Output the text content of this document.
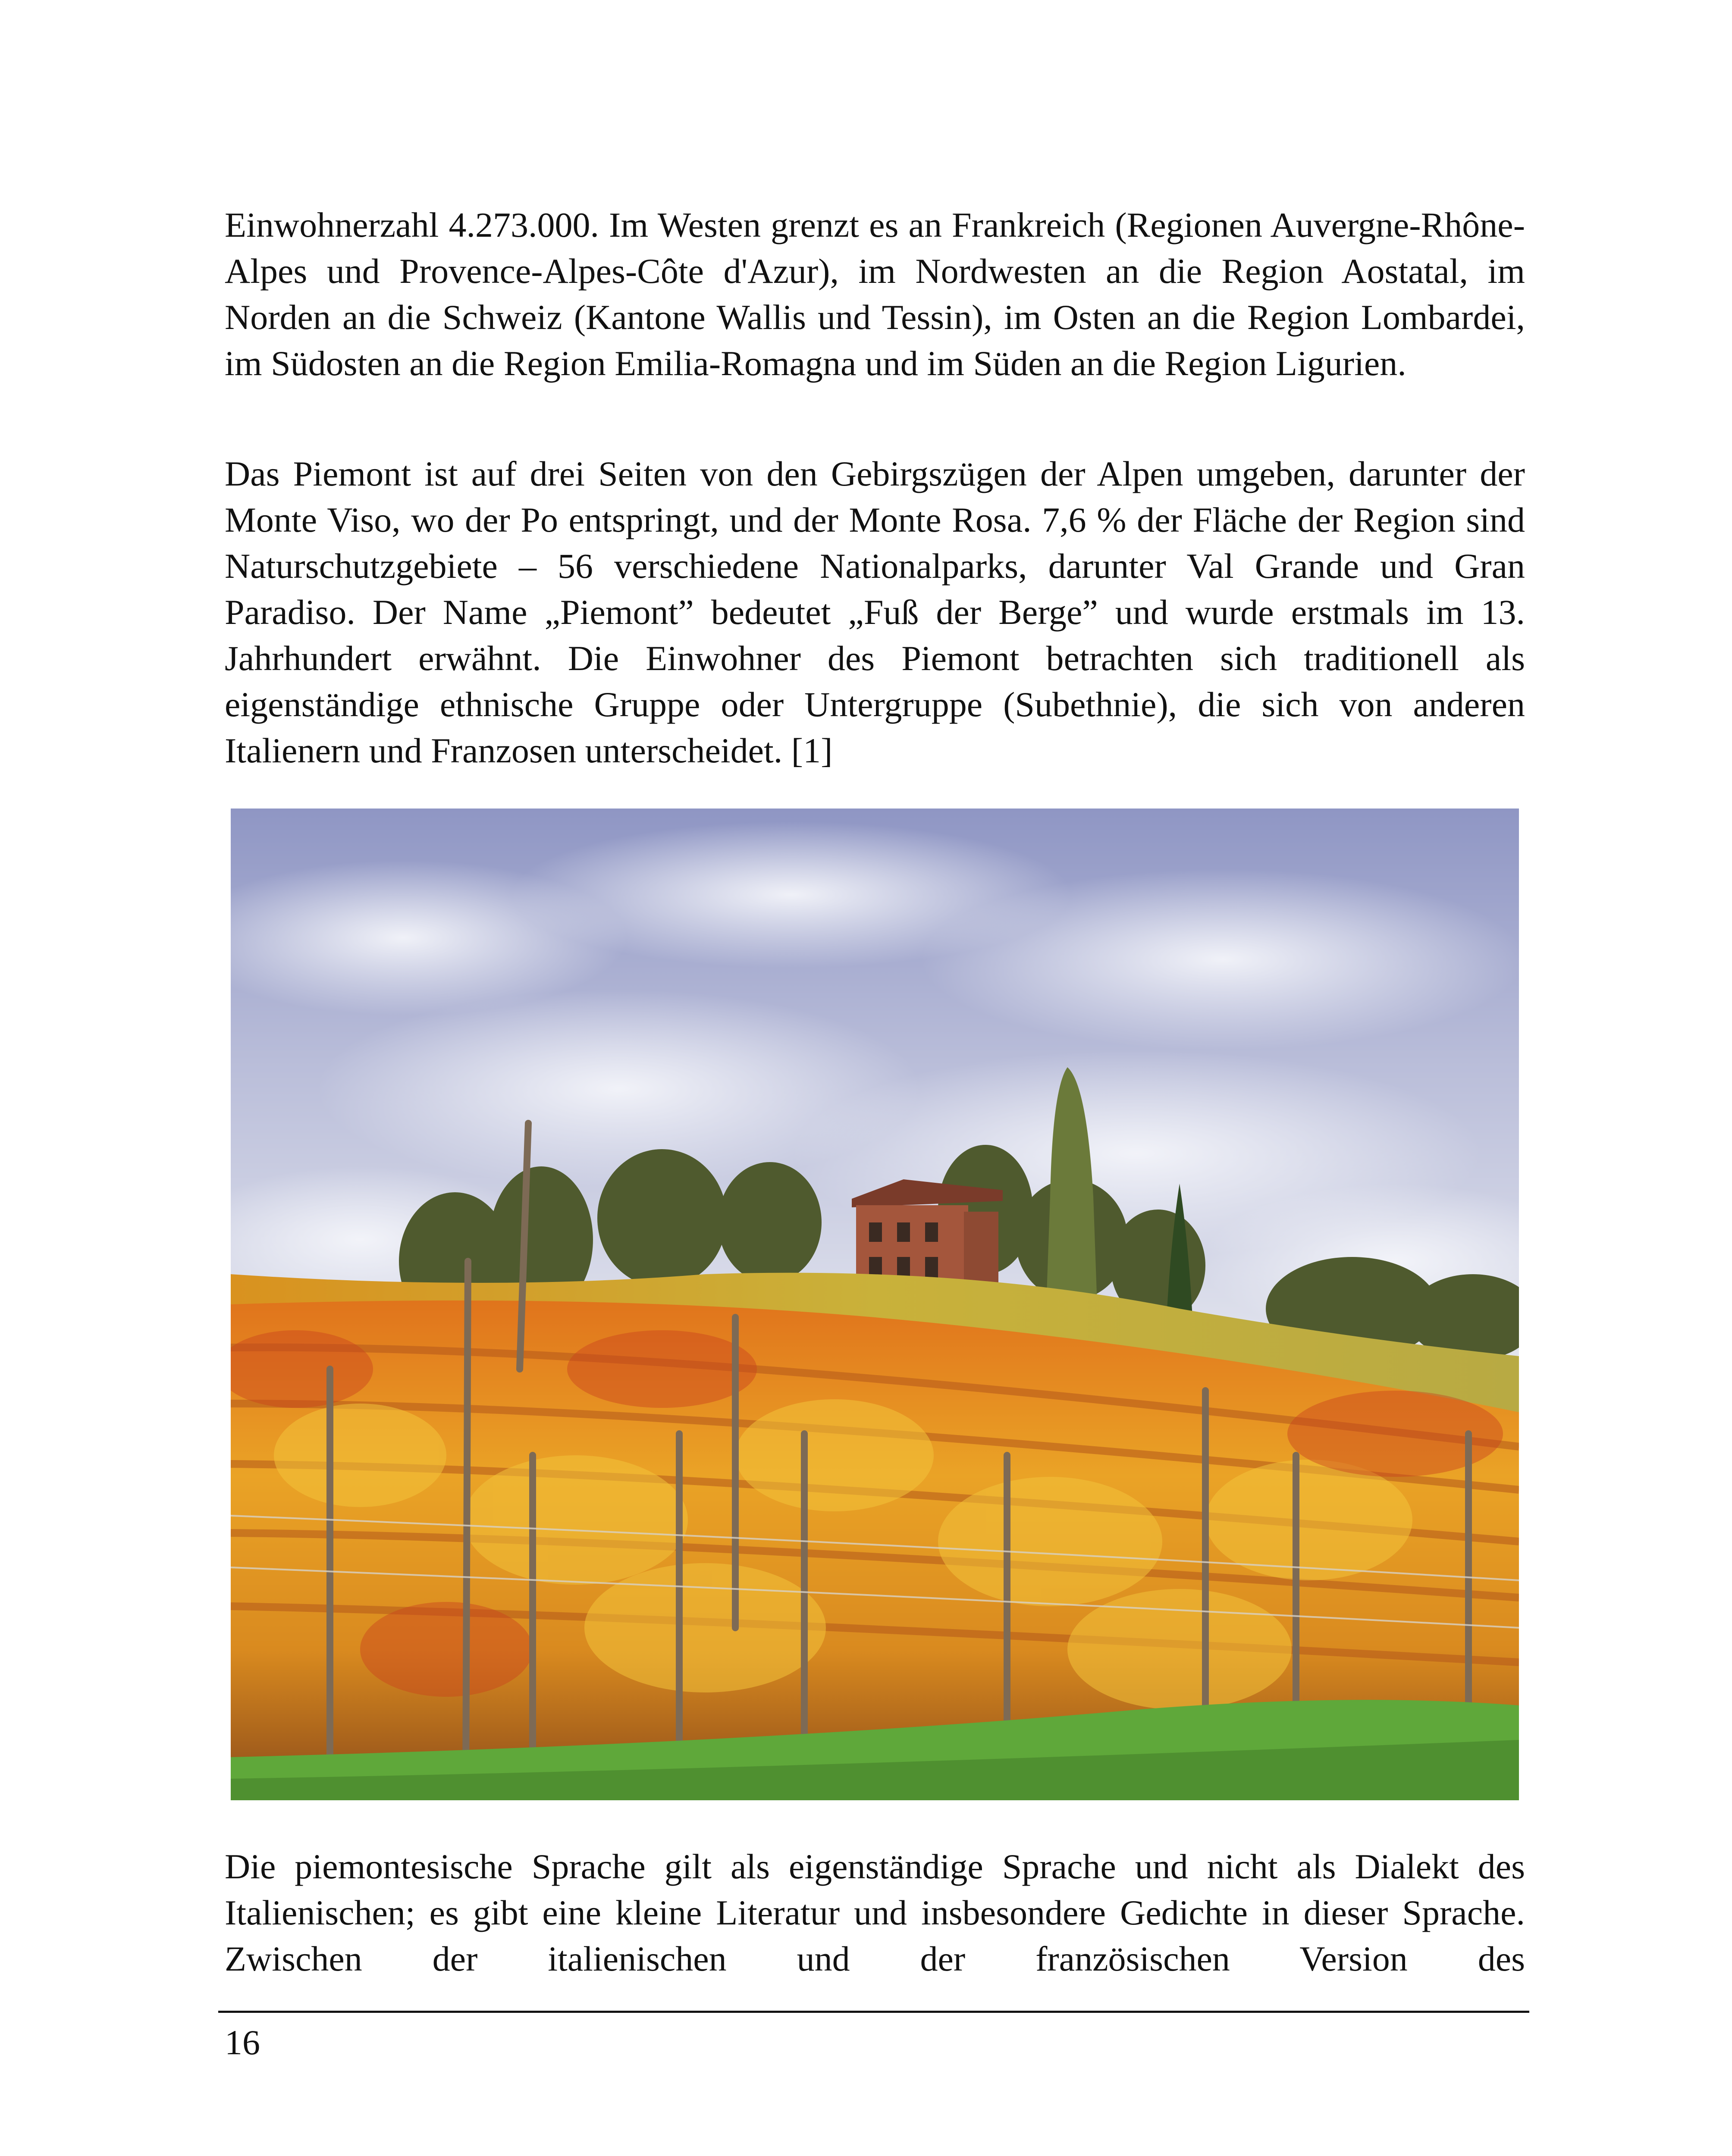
Einwohnerzahl 4.273.000. Im Westen grenzt es an Frankreich (Regionen Auvergne-Rhône-Alpes und Provence-Alpes-Côte d'Azur), im Nordwesten an die Region Aostatal, im Norden an die Schweiz (Kantone Wallis und Tessin), im Osten an die Region Lombardei, im Südosten an die Region Emilia-Romagna und im Süden an die Region Ligurien.

Das Piemont ist auf drei Seiten von den Gebirgszügen der Alpen umgeben, darunter der Monte Viso, wo der Po entspringt, und der Monte Rosa. 7,6 % der Fläche der Region sind Naturschutzgebiete – 56 verschiedene Nationalparks, darunter Val Grande und Gran Paradiso. Der Name „Piemont” bedeutet „Fuß der Berge” und wurde erstmals im 13. Jahrhundert erwähnt. Die Einwohner des Piemont betrachten sich traditionell als eigenständige ethnische Gruppe oder Untergruppe (Subethnie), die sich von anderen Italienern und Franzosen unterscheidet. [1]

Die piemontesische Sprache gilt als eigenständige Sprache und nicht als Dialekt des Italienischen; es gibt eine kleine Literatur und insbesondere Gedichte in dieser Sprache. Zwischen der italienischen und der französischen Version des

16
